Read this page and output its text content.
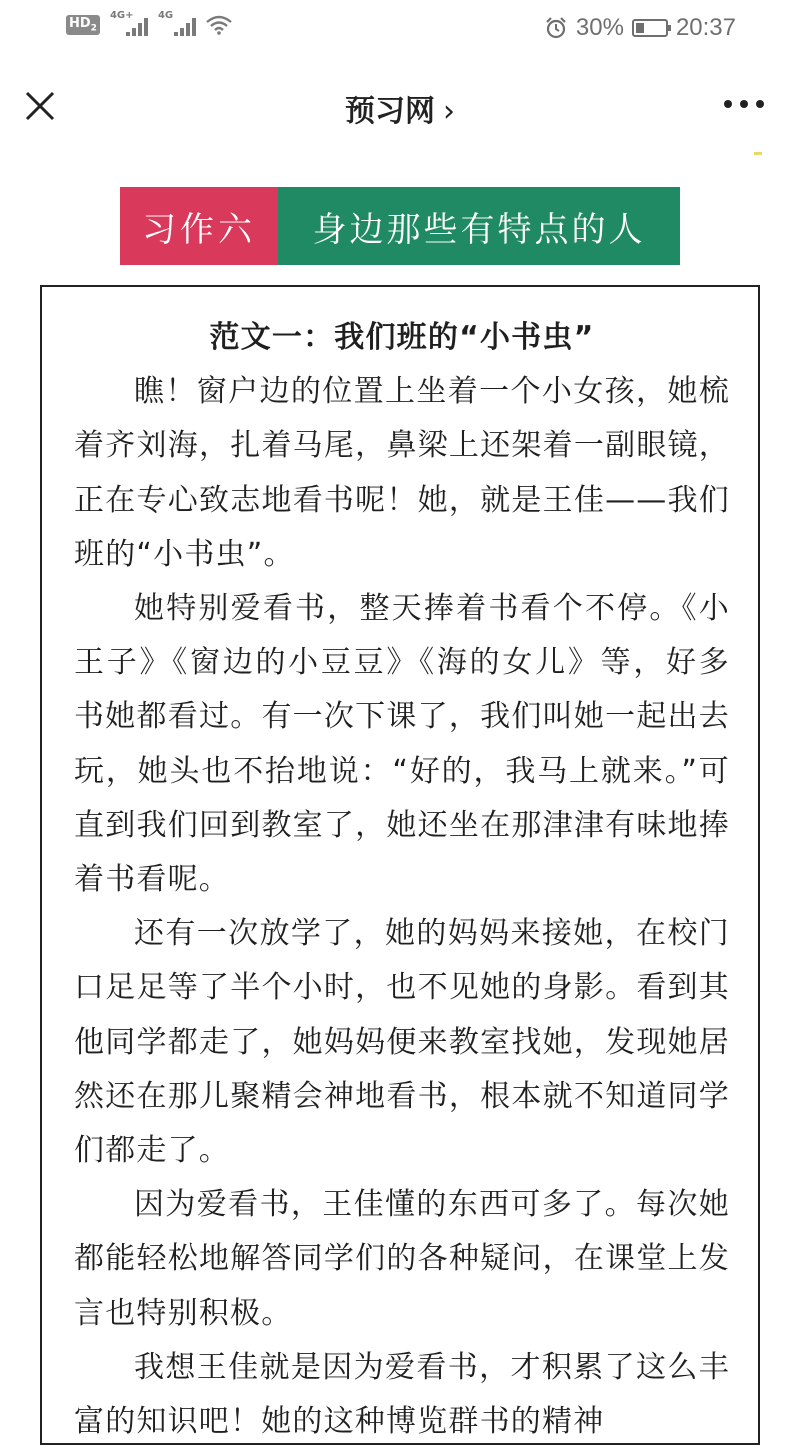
$HD_2$
4G+ 4G	30% 20:37
预习网 ›
习作六	身边那些有特点的人
范文一：我们班的“小书虫”

瞧！窗户边的位置上坐着一个小女孩，她梳着齐刘海，扎着马尾，鼻梁上还架着一副眼镜，正在专心致志地看书呢！她，就是王佳——我们班的“小书虫”。

她特别爱看书，整天捧着书看个不停。《小王子》《窗边的小豆豆》《海的女儿》等，好多书她都看过。有一次下课了，我们叫她一起出去玩，她头也不抬地说：“好的，我马上就来。”可直到我们回到教室了，她还坐在那津津有味地捧着书看呢。

还有一次放学了，她的妈妈来接她，在校门口足足等了半个小时，也不见她的身影。看到其他同学都走了，她妈妈便来教室找她，发现她居然还在那儿聚精会神地看书，根本就不知道同学们都走了。

因为爱看书，王佳懂的东西可多了。每次她都能轻松地解答同学们的各种疑问，在课堂上发言也特别积极。

我想王佳就是因为爱看书，才积累了这么丰富的知识吧！她的这种博览群书的精神
